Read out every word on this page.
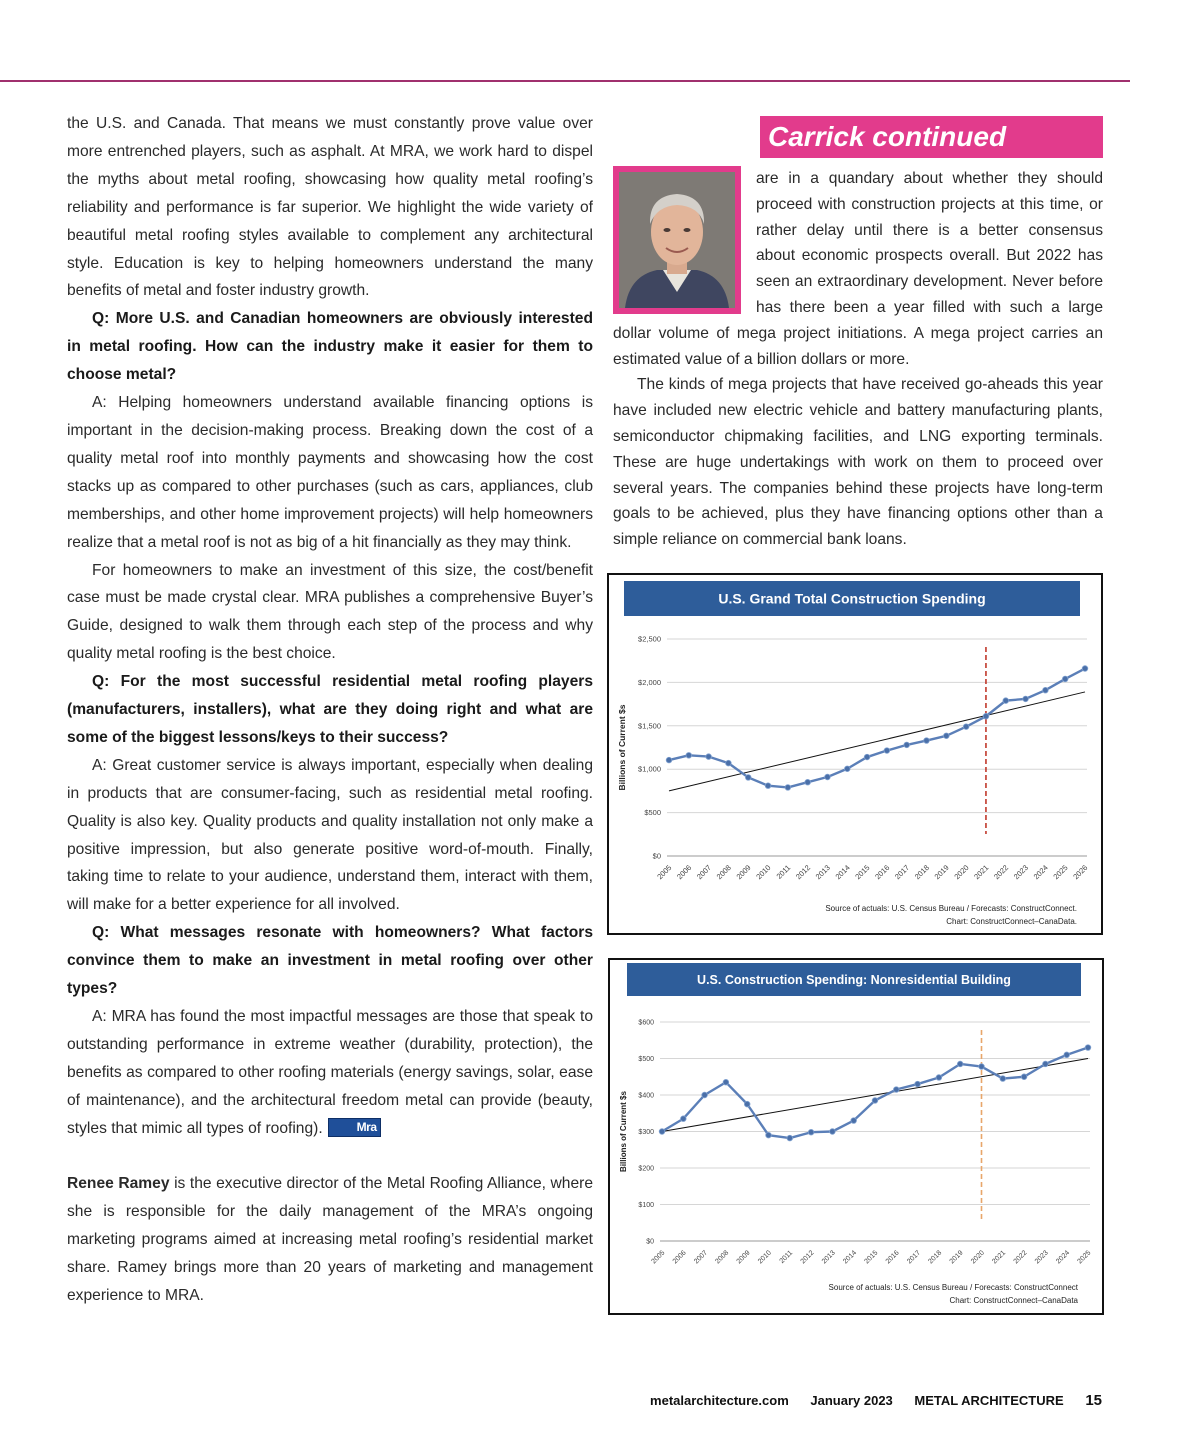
the U.S. and Canada. That means we must constantly prove value over more entrenched players, such as asphalt. At MRA, we work hard to dispel the myths about metal roofing, showcasing how quality metal roofing’s reliability and performance is far superior. We highlight the wide variety of beautiful metal roofing styles available to complement any architectural style. Education is key to helping homeowners understand the many benefits of metal and foster industry growth.

Q: More U.S. and Canadian homeowners are obviously interested in metal roofing. How can the industry make it easier for them to choose metal?

A: Helping homeowners understand available financing options is important in the decision-making process. Breaking down the cost of a quality metal roof into monthly payments and showcasing how the cost stacks up as compared to other purchases (such as cars, appliances, club memberships, and other home improvement projects) will help homeowners realize that a metal roof is not as big of a hit financially as they may think.

For homeowners to make an investment of this size, the cost/benefit case must be made crystal clear. MRA publishes a comprehensive Buyer’s Guide, designed to walk them through each step of the process and why quality metal roofing is the best choice.

Q: For the most successful residential metal roofing players (manufacturers, installers), what are they doing right and what are some of the biggest lessons/keys to their success?

A: Great customer service is always important, especially when dealing in products that are consumer-facing, such as residential metal roofing. Quality is also key. Quality products and quality installation not only make a positive impression, but also generate positive word-of-mouth. Finally, taking time to relate to your audience, understand them, interact with them, will make for a better experience for all involved.

Q: What messages resonate with homeowners? What factors convince them to make an investment in metal roofing over other types?

A: MRA has found the most impactful messages are those that speak to outstanding performance in extreme weather (durability, protection), the benefits as compared to other roofing materials (energy savings, solar, ease of maintenance), and the architectural freedom metal can provide (beauty, styles that mimic all types of roofing).	Mra

Renee Ramey is the executive director of the Metal Roofing Alliance, where she is responsible for the daily management of the MRA’s ongoing marketing programs aimed at increasing metal roofing’s residential market share. Ramey brings more than 20 years of marketing and management experience to MRA.

Carrick continued

are in a quandary about whether they should proceed with construction projects at this time, or rather delay until there is a better consensus about economic prospects overall. But 2022 has seen an extraordinary development. Never before has there been a year filled with such a large dollar volume of mega project initiations. A mega project carries an estimated value of a billion dollars or more.

The kinds of mega projects that have received go-aheads this year have included new electric vehicle and battery manufacturing plants, semiconductor chipmaking facilities, and LNG exporting terminals. These are huge undertakings with work on them to proceed over several years. The companies behind these projects have long-term goals to be achieved, plus they have financing options other than a simple reliance on commercial bank loans.

U.S. Grand Total Construction Spending
$0
$500
$1,000
$1,500
$2,000
$2,500
Billions of Current $s
2005 2006 2007 2008 2009 2010 2011 2012 2013 2014 2015 2016 2017 2018 2019 2020 2021 2022 2023 2024 2025 2026
Source of actuals: U.S. Census Bureau / Forecasts: ConstructConnect.
Chart: ConstructConnect–CanaData.
U.S. Construction Spending: Nonresidential Building
$0
$100
$200
$300
$400
$500
$600
Billions of Current $s
2005 2006 2007 2008 2009 2010 2011 2012 2013 2014 2015 2016 2017 2018 2019 2020 2021 2022 2023 2024 2025
Source of actuals: U.S. Census Bureau / Forecasts: ConstructConnect
Chart: ConstructConnect–CanaData
metalarchitecture.com January 2023 METAL ARCHITECTURE 15
